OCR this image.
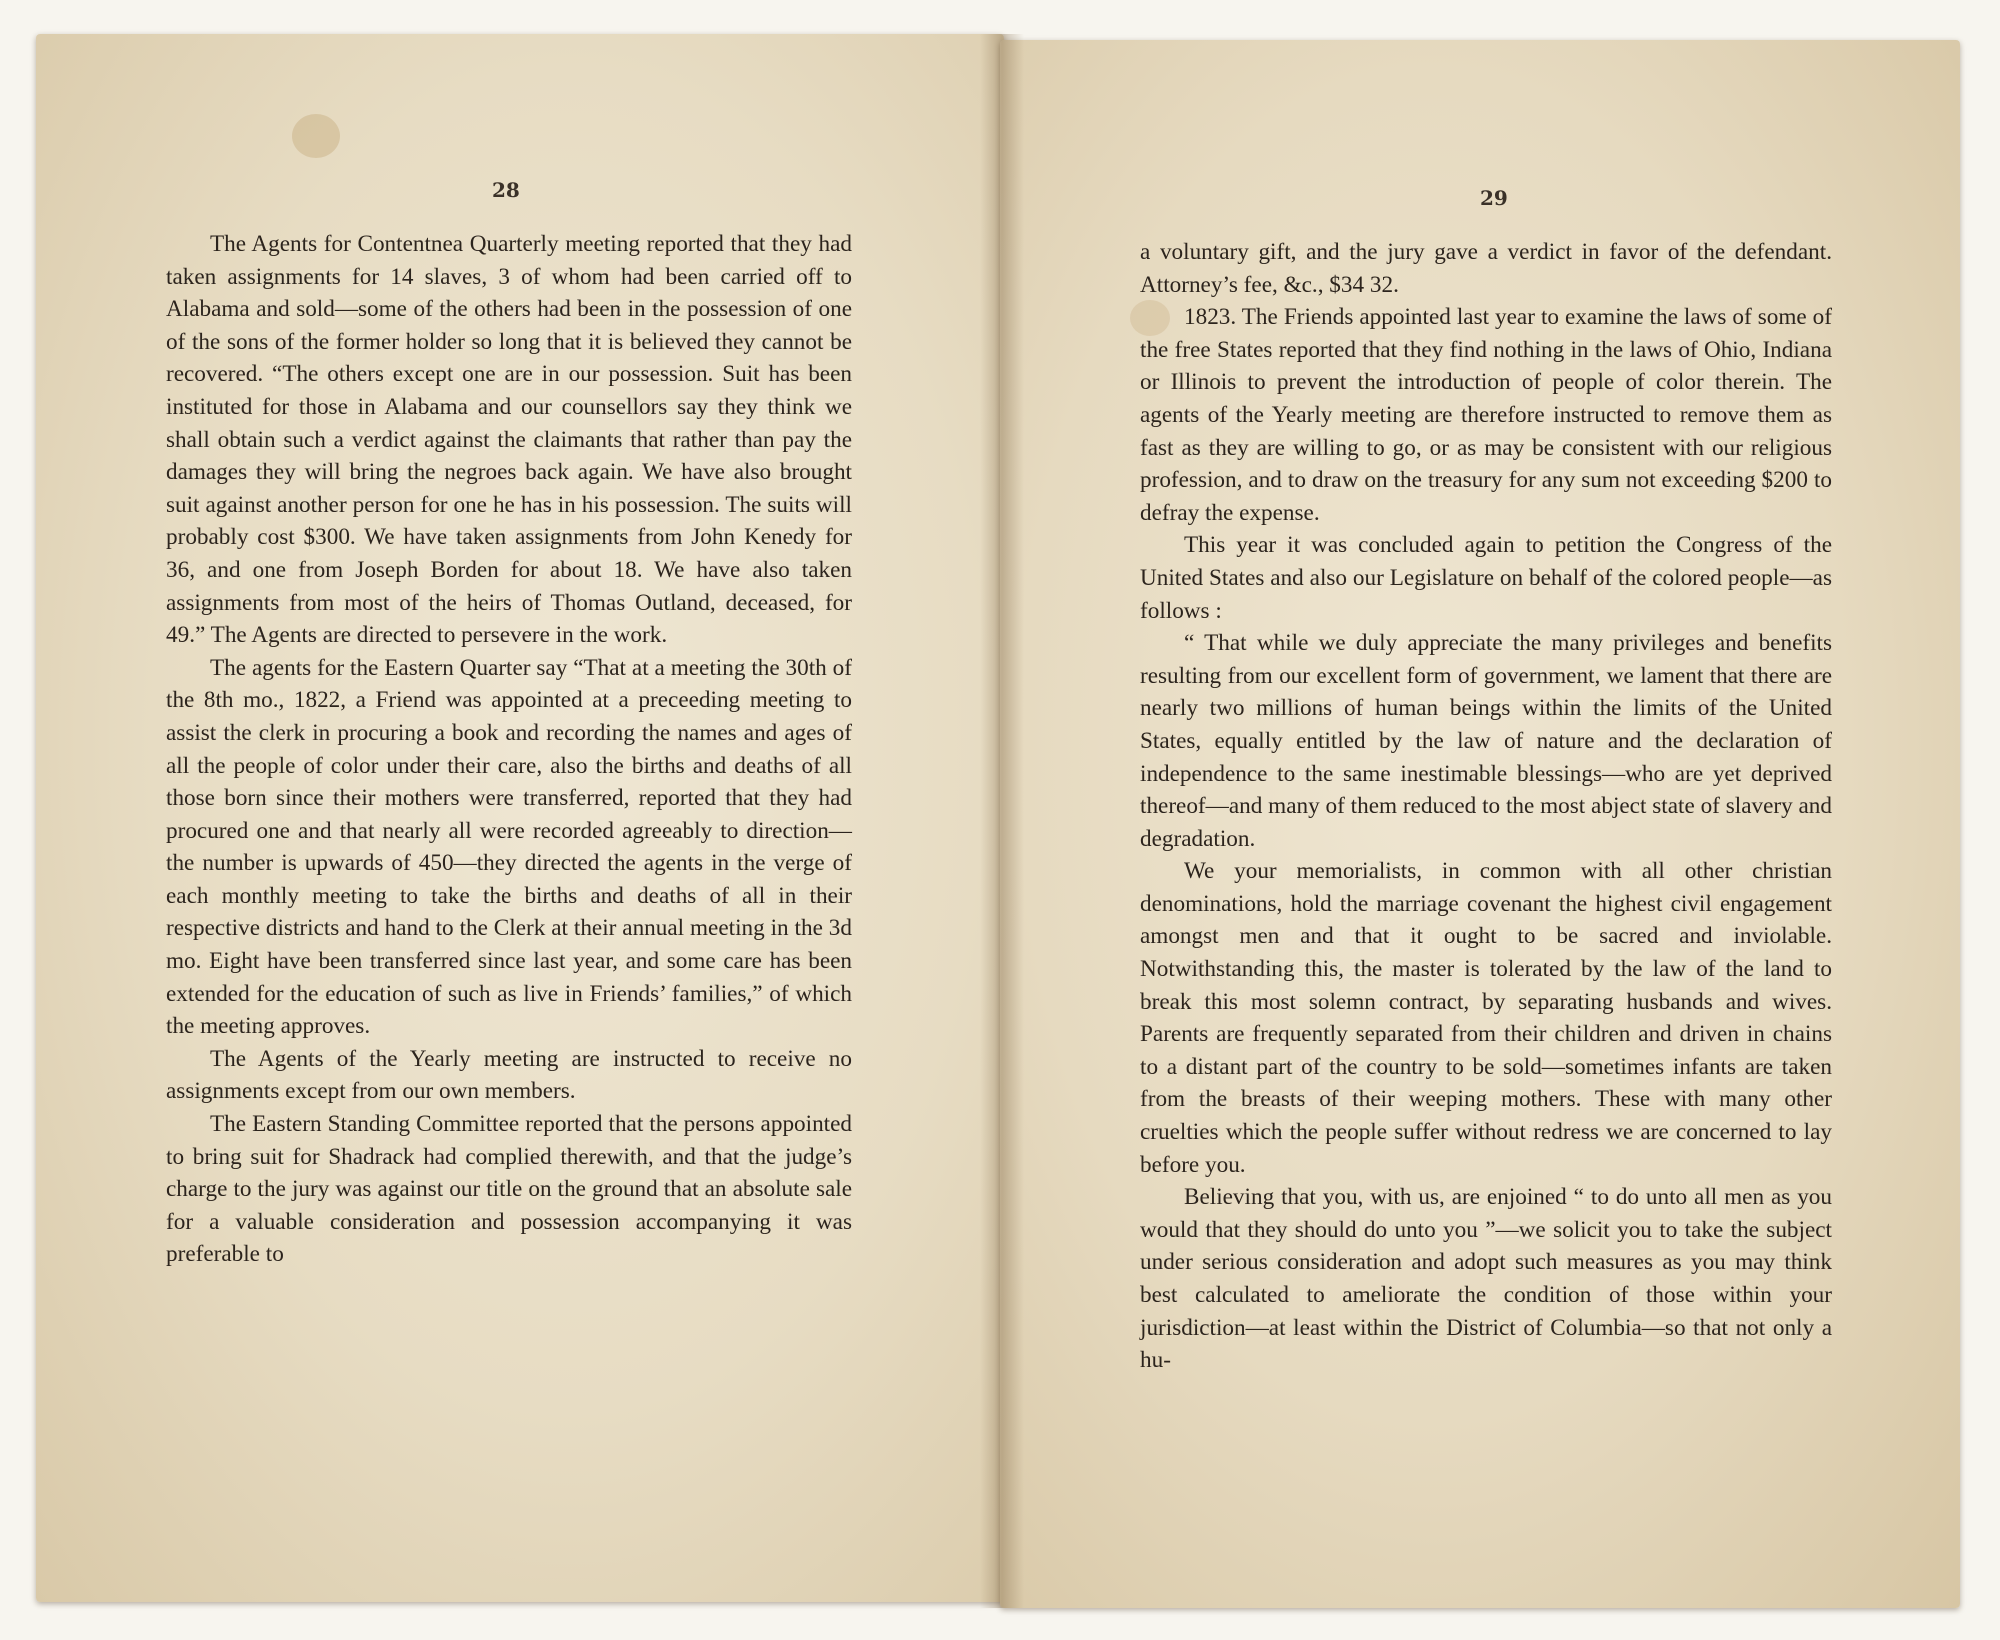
28	29

The Agents for Contentnea Quarterly meeting reported that they had taken assignments for 14 slaves, 3 of whom had been carried off to Alabama and sold—some of the others had been in the possession of one of the sons of the former holder so long that it is believed they cannot be recovered. “The others except one are in our possession. Suit has been instituted for those in Alabama and our counsellors say they think we shall obtain such a verdict against the claimants that rather than pay the damages they will bring the negroes back again. We have also brought suit against another person for one he has in his possession. The suits will probably cost $300. We have taken assignments from John Kenedy for 36, and one from Joseph Borden for about 18. We have also taken assignments from most of the heirs of Thomas Outland, deceased, for 49.” The Agents are directed to persevere in the work.

The agents for the Eastern Quarter say “That at a meeting the 30th of the 8th mo., 1822, a Friend was appointed at a preceeding meeting to assist the clerk in procuring a book and recording the names and ages of all the people of color under their care, also the births and deaths of all those born since their mothers were transferred, reported that they had procured one and that nearly all were recorded agreeably to direction—the number is upwards of 450—they directed the agents in the verge of each monthly meeting to take the births and deaths of all in their respective districts and hand to the Clerk at their annual meeting in the 3d mo. Eight have been transferred since last year, and some care has been extended for the education of such as live in Friends’ families,” of which the meeting approves.

The Agents of the Yearly meeting are instructed to receive no assignments except from our own members.

The Eastern Standing Committee reported that the persons appointed to bring suit for Shadrack had complied therewith, and that the judge’s charge to the jury was against our title on the ground that an absolute sale for a valuable consideration and possession accompanying it was preferable to

a voluntary gift, and the jury gave a verdict in favor of the defendant. Attorney’s fee, &c., $34 32.

1823. The Friends appointed last year to examine the laws of some of the free States reported that they find nothing in the laws of Ohio, Indiana or Illinois to prevent the introduction of people of color therein. The agents of the Yearly meeting are therefore instructed to remove them as fast as they are willing to go, or as may be consistent with our religious profession, and to draw on the treasury for any sum not exceeding $200 to defray the expense.

This year it was concluded again to petition the Congress of the United States and also our Legislature on behalf of the colored people—as follows :

“ That while we duly appreciate the many privileges and benefits resulting from our excellent form of government, we lament that there are nearly two millions of human beings within the limits of the United States, equally entitled by the law of nature and the declaration of independence to the same inestimable blessings—who are yet deprived thereof—and many of them reduced to the most abject state of slavery and degradation.

We your memorialists, in common with all other christian denominations, hold the marriage covenant the highest civil engagement amongst men and that it ought to be sacred and inviolable. Notwithstanding this, the master is tolerated by the law of the land to break this most solemn contract, by separating husbands and wives. Parents are frequently separated from their children and driven in chains to a distant part of the country to be sold—sometimes infants are taken from the breasts of their weeping mothers. These with many other cruelties which the people suffer without redress we are concerned to lay before you.

Believing that you, with us, are enjoined “ to do unto all men as you would that they should do unto you ”—we solicit you to take the subject under serious consideration and adopt such measures as you may think best calculated to ameliorate the condition of those within your jurisdiction—at least within the District of Columbia—so that not only a hu-
